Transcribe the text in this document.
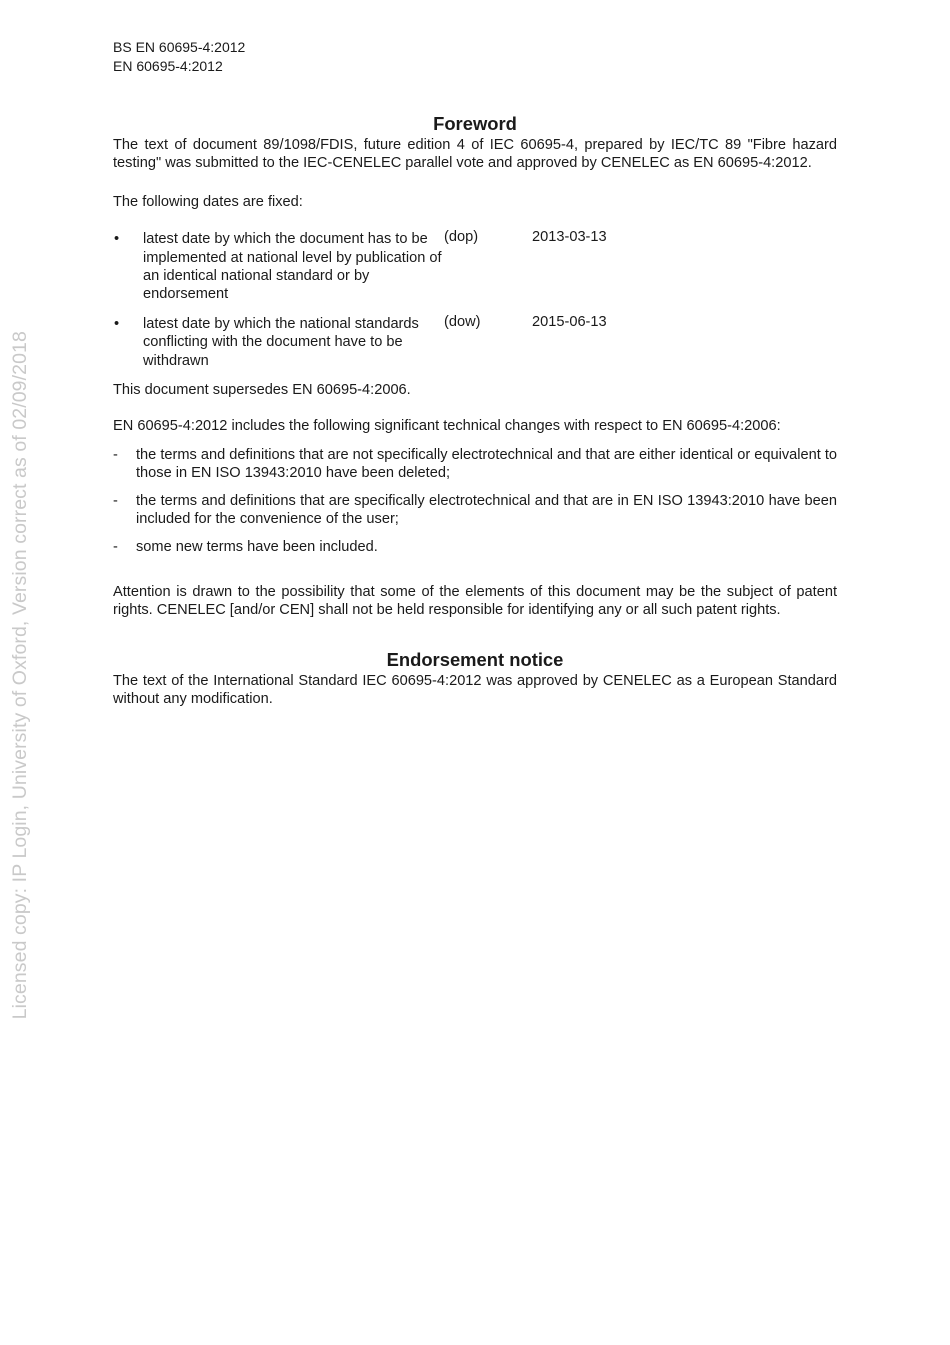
Licensed copy: IP Login, University of Oxford, Version correct as of 02/09/2018
BS EN 60695-4:2012
EN 60695-4:2012
Foreword

The text of document 89/1098/FDIS, future edition 4 of IEC 60695-4, prepared by IEC/TC 89 "Fibre hazard testing" was submitted to the IEC-CENELEC parallel vote and approved by CENELEC as EN 60695-4:2012.

The following dates are fixed:

•	latest date by which the document has to be implemented at national level by publication of an identical national standard or by endorsement
(dop)	2013-03-13
•	latest date by which the national standards conflicting with the document have to be withdrawn
(dow)	2015-06-13

This document supersedes EN 60695-4:2006.

EN 60695-4:2012 includes the following significant technical changes with respect to EN 60695-4:2006:

-	the terms and definitions that are not specifically electrotechnical and that are either identical or equivalent to those in EN ISO 13943:2010 have been deleted;
-	the terms and definitions that are specifically electrotechnical and that are in EN ISO 13943:2010 have been included for the convenience of the user;
-	some new terms have been included.

Attention is drawn to the possibility that some of the elements of this document may be the subject of patent rights. CENELEC [and/or CEN] shall not be held responsible for identifying any or all such patent rights.

Endorsement notice

The text of the International Standard IEC 60695-4:2012 was approved by CENELEC as a European Standard without any modification.
